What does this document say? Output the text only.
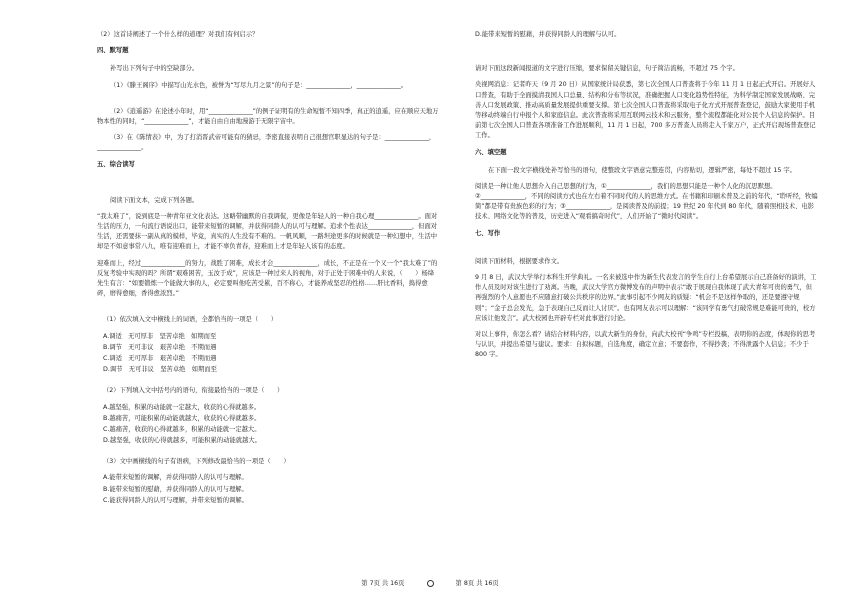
（2）这首诗阐述了一个什么样的道理？对我们有何启示？
四、默写题
补写出下列句子中的空缺部分。
（1）《滕王阁序》中描写山光水色，被誉为“写尽九月之景”的句子是：______________，______________。
（2）《逍遥游》在论述小年时，用“______________”的例子证明有的生命短暂不知四季，真正的逍遥，应在顺应天地万物本性的同时，“______________”，才能自由自由地漫游于无限宇宙中。
（3）在《陈情表》中，为了打消晋武帝可能有的猜忌，李密直接表明自己很想官职显达的句子是：______________，______________。
五、综合读写
阅读下面文本，完成下列各题。
“我太难了”，说到底是一种青年亚文化表达。这略带幽默的自我调侃，更像是年轻人的一种自我心理______________。面对生活的压力，一句流行语说出口，能带来短暂的调解，并获得同龄人的认可与理解。追求个性表达______________，但面对生活，还需要抹一副从真的模样，毕竟，真实的人生没有不难的。一帆风顺，一路坦途更多的时候就是一种幻想中，生活中却是不如意事常八九，唯有迎难而上，才能不辜负青春，迎难而上才是年轻人该有的态度。
迎难而上，经过______________的努力，战胜了困难，成长才会______________，成长，不正是在一个又一个“我太难了”的反复考验中实现的吗？所谓“艰难困苦，玉汝于成”，应该是一种过来人的视角，对于正处于困难中的人来说，（　　）杨绛先生有言：“如要锻炼一个能做大事的人，必定要叫他吃苦受累，百不称心，才能养成坚忍的性格……肝比香料，捣得愈碎，磨得愈细，香得愈浓烈。”
（1）依次填入文中横线上的词语，全都恰当的一项是（　　）
A.调适　无可厚非　坚苦卓绝　如期而至
B.调节　无可非议　艰苦卓绝　不期而遇
C.调适　无可厚非　艰苦卓绝　不期而遇
D.调节　无可非议　坚苦卓绝　如期而至
（2）下列填入文中括号内的语句，衔接最恰当的一项是（　　）
A.越坚强，积累的动能就一定越大，收获的心得就越多。
B.越痛苦，可能积累的动能就越大，收获的心得就越多。
C.越痛苦，收获的心得就越多，积累的动能就一定越大。
D.越坚强，收获的心得就越多，可能积累的动能就越大。
（3）文中画横线的句子有语病，下列修改最恰当的一项是（　　）
A.能带来短暂的调解，并获得同龄人的认可与理解。
B.能带来短暂的慰藉，并获得同龄人的认可与理解。
C.能获得同龄人的认可与理解，并带来短暂的调解。
D.能带来短暂的慰藉，并获得同龄人的理解与认可。
请对下面这段新闻报道的文字进行压缩，要求保留关键信息，句子简洁流畅，不超过 75 个字。
央视网消息：记者昨天（9 月 20 日）从国家统计局获悉，第七次全国人口普查将于今年 11 月 1 日起正式开启。开展好人口普查，有助于全面摸清我国人口总量、结构和分布等状况，准确把握人口变化趋势性特征，为科学制定国家发展战略、完善人口发展政策、推动高质量发展提供重要支撑。第七次全国人口普查将采取电子化方式开展普查登记，鼓励大家使用手机等移动终端自行申报个人和家庭信息。此次普查将采用互联网云技术和云服务，整个流程都能化对公民个人信息的保护。目前第七次全国人口普查各项准备工作进展顺利，11 月 1 日起，700 多万普查人员将走入千家万户，正式开启现场普查登记工作。
六、填空题
在下面一段文字横线处补写恰当的语句，使整段文字语意完整连贯，内容贴切，逻辑严密，每处不超过 15 字。
阅读是一种让他人思想介入自己思想的行为，①______________，我们的思想只能是一种个人化的沉思默想。②______________，不同的阅读方式也在左右着不同时代的人的思维方式。在书籍和印刷术普及之前的年代，“聆听经，牧编简”都是带有贵族色彩的行为；③______________，是阅读普及的前提；19 世纪 20 年代到 80 年代，随着照相技术、电影技术、网络文化等的普及，历史进入“观看搞奇时代”，人们开始了“微时代阅读”。
七、写作
阅读下面材料，根据要求作文。
9 月 8 日，武汉大学举行本科生开学典礼。一名来被选中作为新生代表发言的学生自行上台希望展示自己准备好的演讲，工作人员及时对该生进行了劝离。当晚，武汉大学官方微博发布的声明中表示“敢于展现自我体现了武大青年可贵的勇气，但再强烈的个人意愿也不应随意打破公共秩序的边界。”此事引起不少网友的质疑：“机会不是这样争取的，还是要遵守规则”；“金子总会发光，急于表现自己反而让人讨厌”。也有网友表示可以理解：“该同学有勇气打破常规是难能可贵的，校方应该让他发言”。武大校园也开辟专栏对此事进行讨论。
对以上事件，你怎么看？请结合材料内容，以武大新生的身份，向武大校刊“争鸣”专栏投稿，表明你的态度，体现你的思考与认识，并提出希望与建议。要求：自拟标题，自选角度，确定立意；不要套作，不得抄袭；不得泄露个人信息；不少于 800 字。
第 7页 共 16页	第 8页 共 16页
